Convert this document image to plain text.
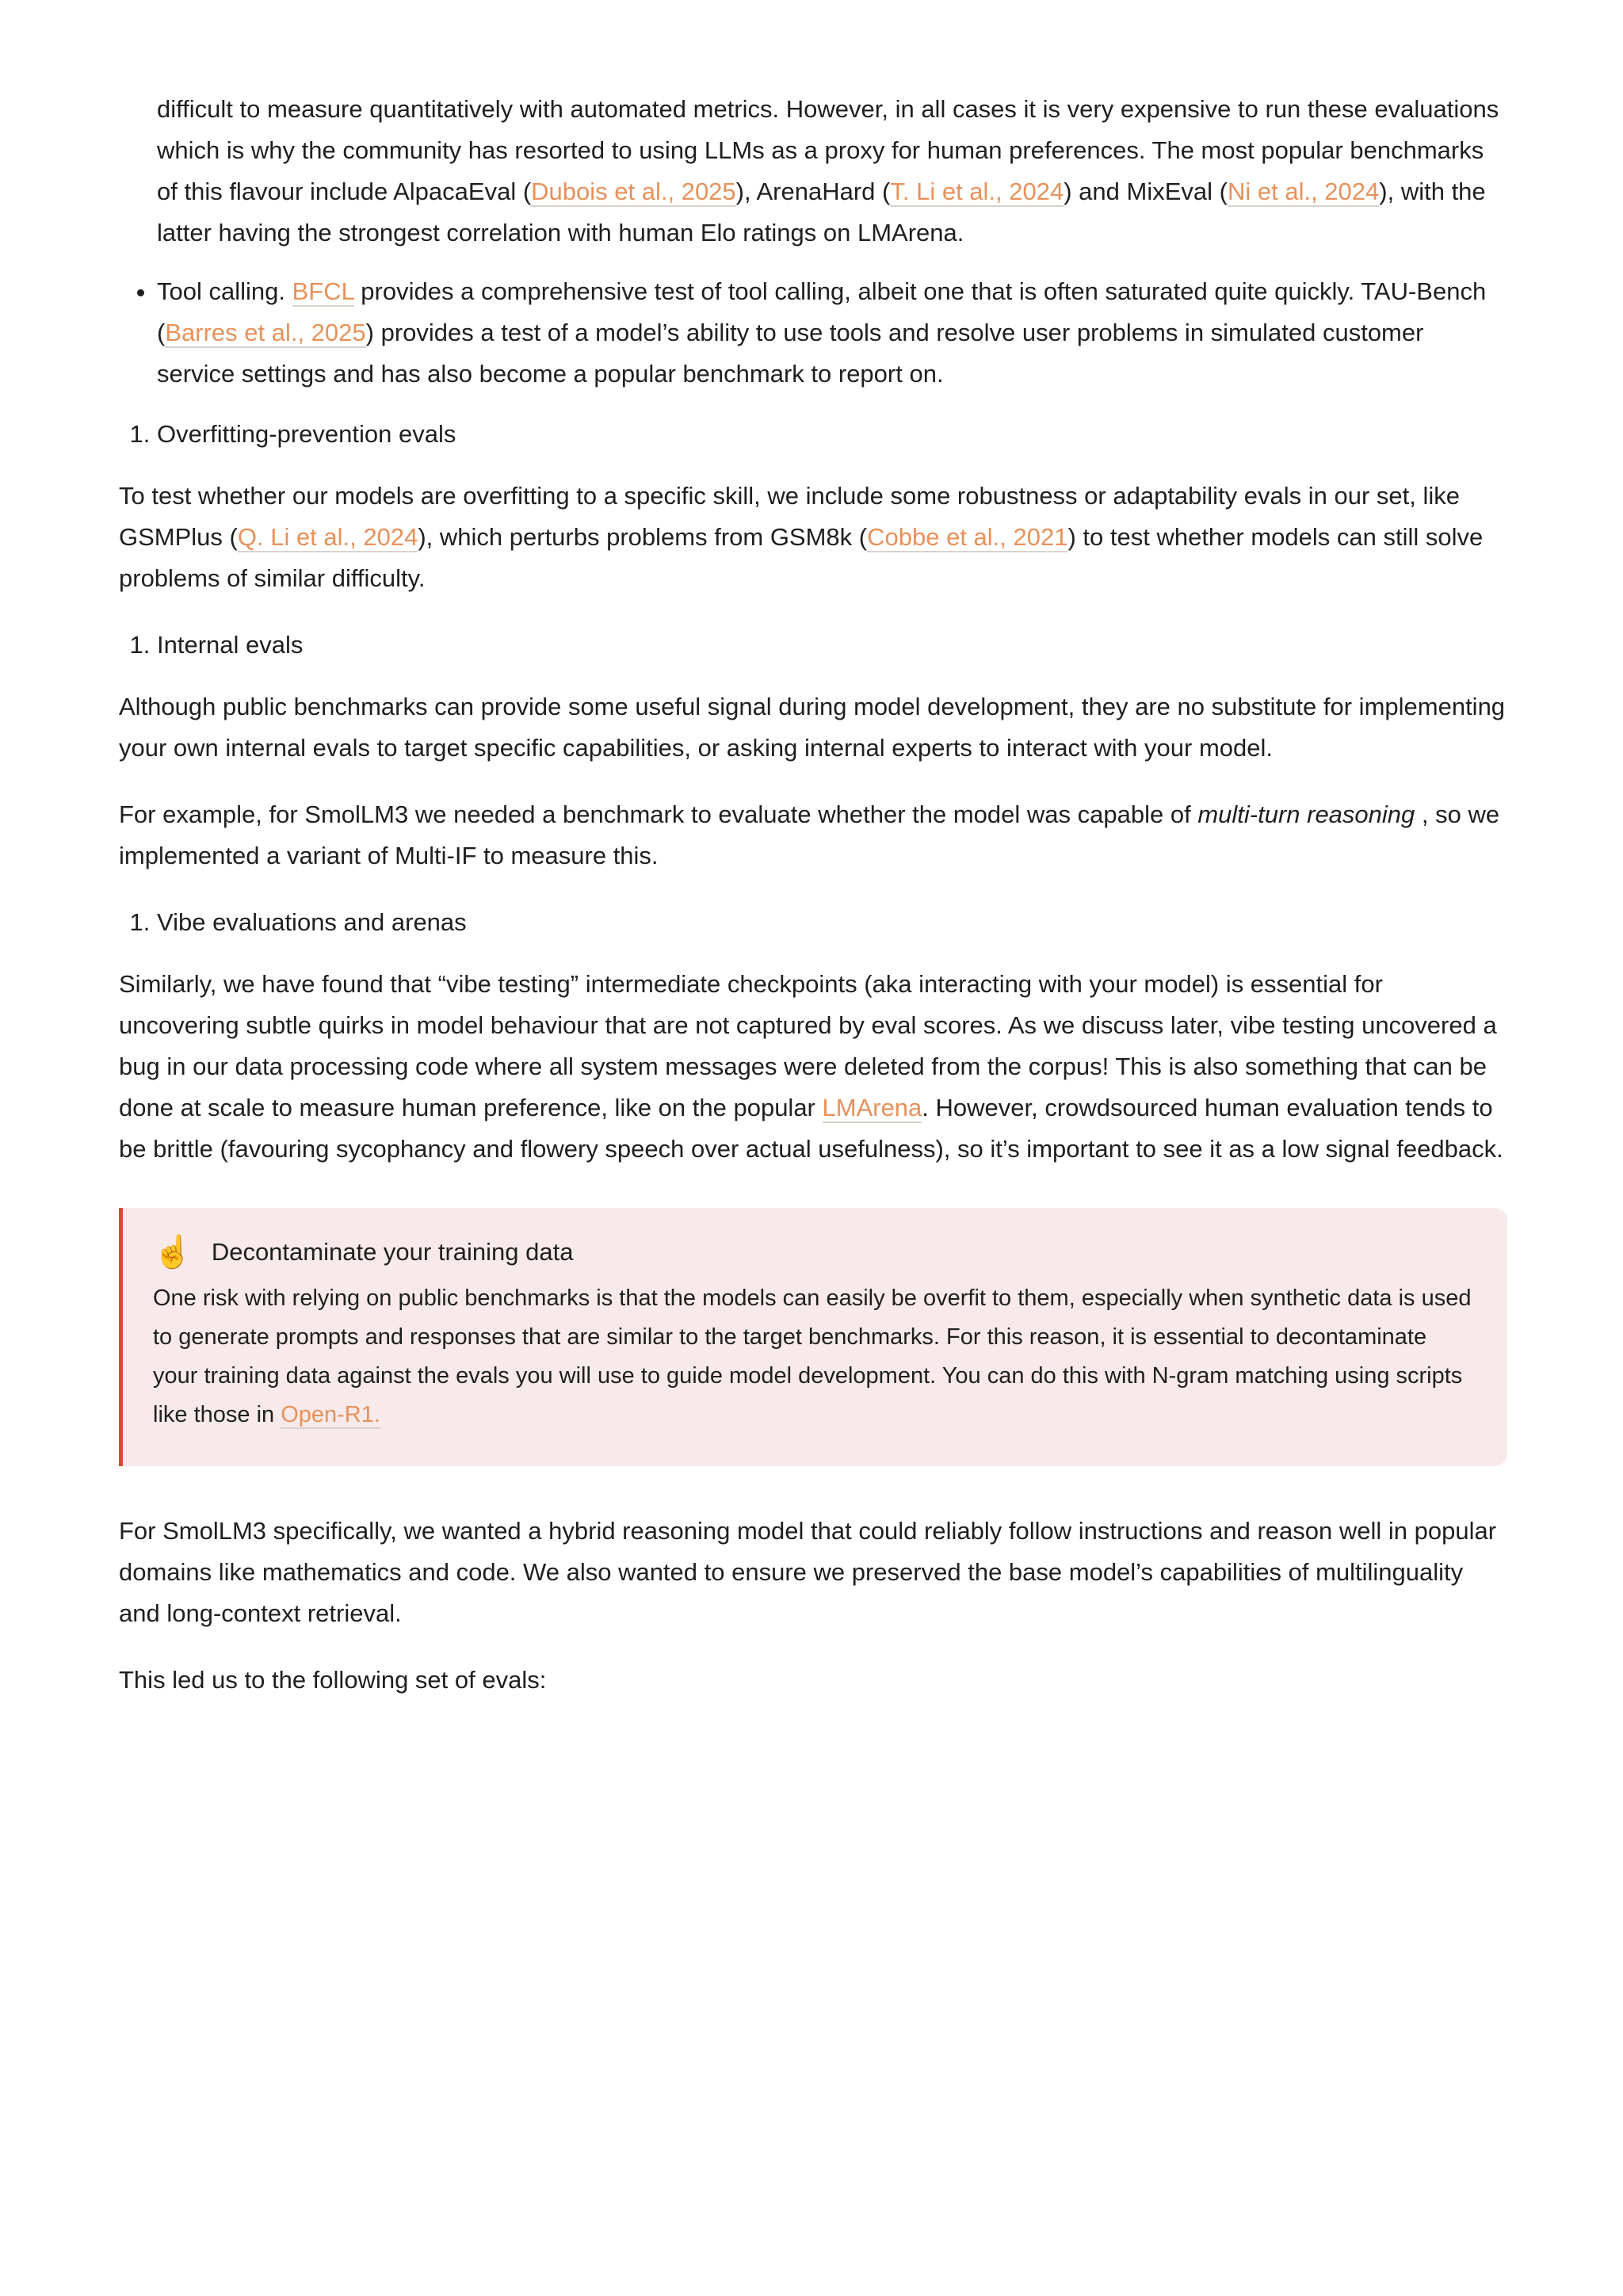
difficult to measure quantitatively with automated metrics. However, in all cases it is very expensive to run these evaluations which is why the community has resorted to using LLMs as a proxy for human preferences. The most popular benchmarks of this flavour include AlpacaEval (Dubois et al., 2025), ArenaHard (T. Li et al., 2024) and MixEval (Ni et al., 2024), with the latter having the strongest correlation with human Elo ratings on LMArena.

• Tool calling. BFCL provides a comprehensive test of tool calling, albeit one that is often saturated quite quickly. TAU-Bench (Barres et al., 2025) provides a test of a model’s ability to use tools and resolve user problems in simulated customer service settings and has also become a popular benchmark to report on.
1. Overfitting-prevention evals

To test whether our models are overfitting to a specific skill, we include some robustness or adaptability evals in our set, like GSMPlus (Q. Li et al., 2024), which perturbs problems from GSM8k (Cobbe et al., 2021) to test whether models can still solve problems of similar difficulty.

1. Internal evals

Although public benchmarks can provide some useful signal during model development, they are no substitute for implementing your own internal evals to target specific capabilities, or asking internal experts to interact with your model.

For example, for SmolLM3 we needed a benchmark to evaluate whether the model was capable of multi-turn reasoning , so we implemented a variant of Multi-IF to measure this.

1. Vibe evaluations and arenas

Similarly, we have found that “vibe testing” intermediate checkpoints (aka interacting with your model) is essential for uncovering subtle quirks in model behaviour that are not captured by eval scores. As we discuss later, vibe testing uncovered a bug in our data processing code where all system messages were deleted from the corpus! This is also something that can be done at scale to measure human preference, like on the popular LMArena. However, crowdsourced human evaluation tends to be brittle (favouring sycophancy and flowery speech over actual usefulness), so it’s important to see it as a low signal feedback.

☝️ Decontaminate your training data

One risk with relying on public benchmarks is that the models can easily be overfit to them, especially when synthetic data is used to generate prompts and responses that are similar to the target benchmarks. For this reason, it is essential to decontaminate your training data against the evals you will use to guide model development. You can do this with N-gram matching using scripts like those in Open-R1.

For SmolLM3 specifically, we wanted a hybrid reasoning model that could reliably follow instructions and reason well in popular domains like mathematics and code. We also wanted to ensure we preserved the base model’s capabilities of multilinguality and long-context retrieval.

This led us to the following set of evals:
